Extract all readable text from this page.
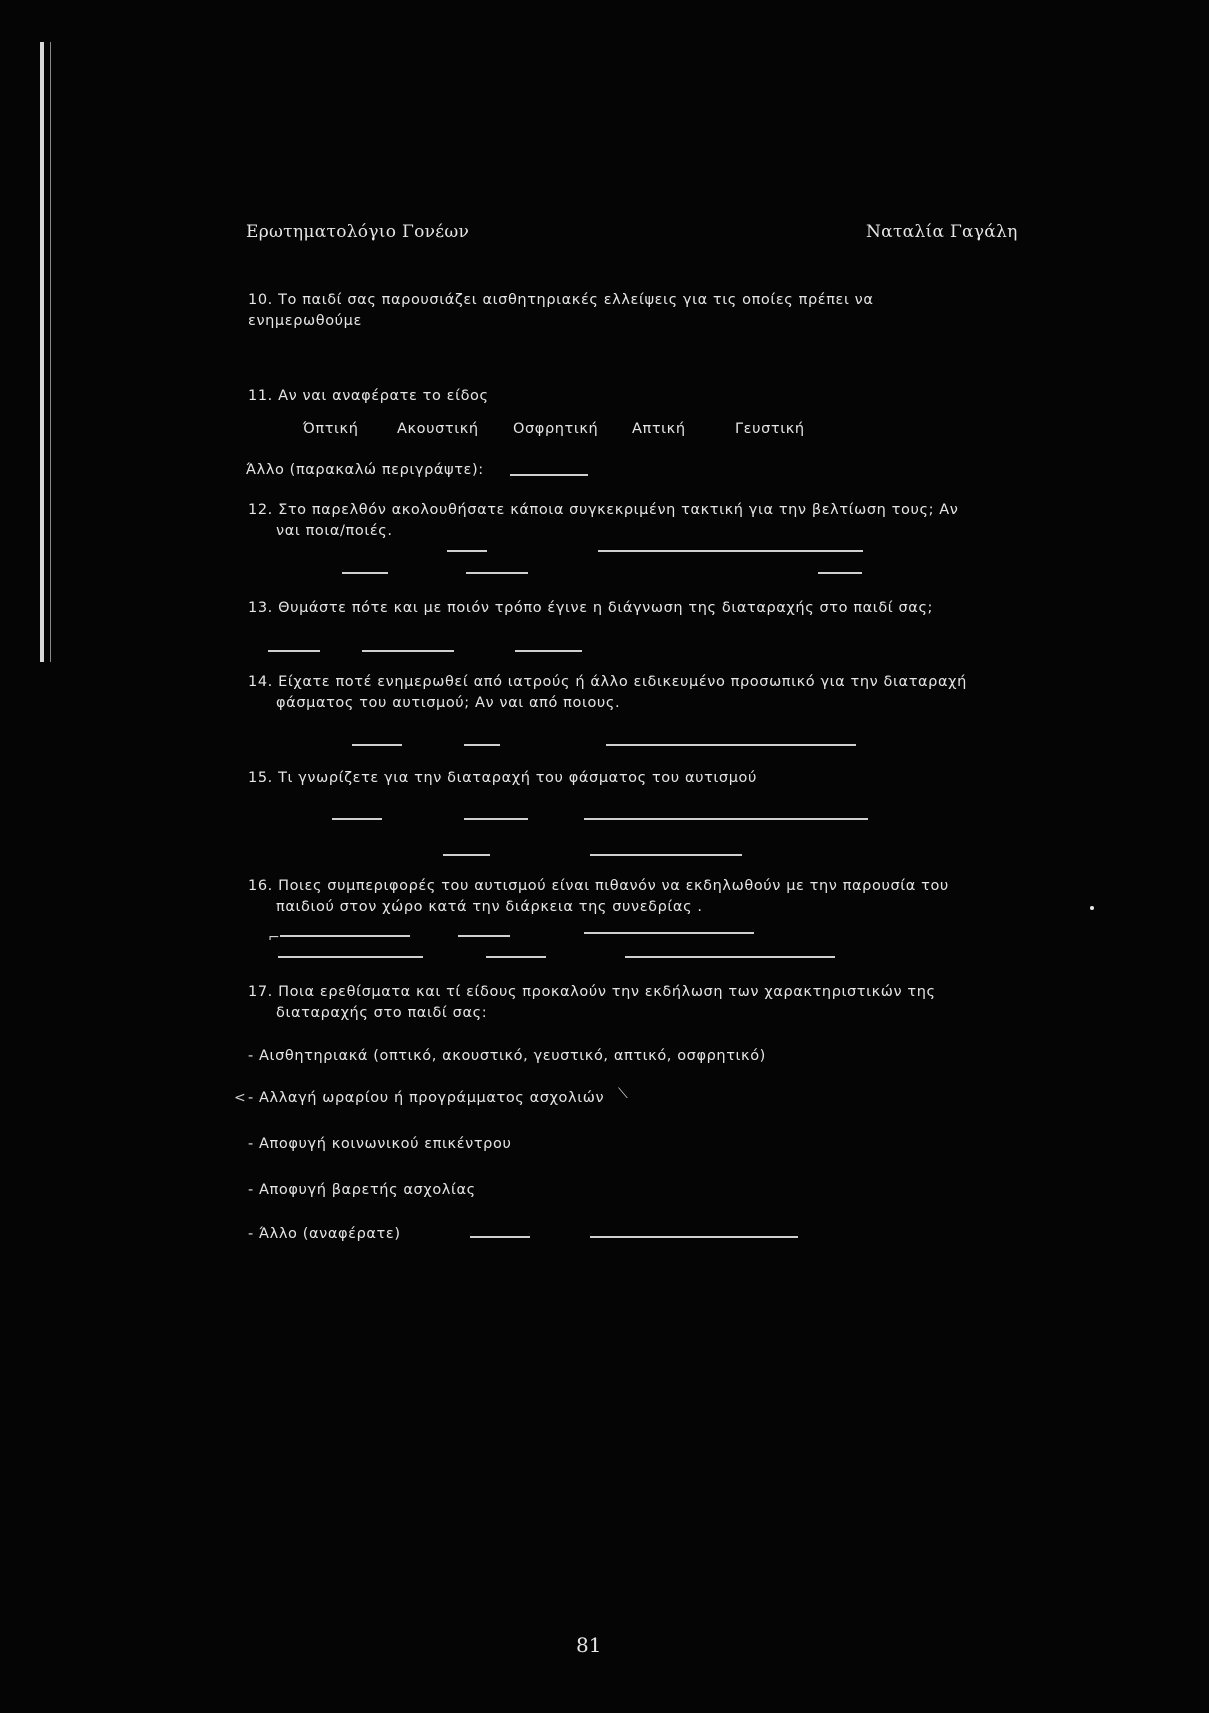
Ερωτηματολόγιο Γονέων	Ναταλία Γαγάλη
10. Το παιδί σας παρουσιάζει αισθητηριακές ελλείψεις για τις οποίες πρέπει να
ενημερωθούμε
11. Αν ναι αναφέρατε το είδος
Όπτική	Ακουστική Οσφρητική Απτική	Γευστική
Άλλο (παρακαλώ περιγράψτε):
12. Στο παρελθόν ακολουθήσατε κάποια συγκεκριμένη τακτική για την βελτίωση τους; Αν
ναι ποια/ποιές.
13. Θυμάστε πότε και με ποιόν τρόπο έγινε η διάγνωση της διαταραχής στο παιδί σας;
14. Είχατε ποτέ ενημερωθεί από ιατρούς ή άλλο ειδικευμένο προσωπικό για την διαταραχή
φάσματος του αυτισμού; Αν ναι από ποιους.
15. Τι γνωρίζετε για την διαταραχή του φάσματος του αυτισμού
16. Ποιες συμπεριφορές του αυτισμού είναι πιθανόν να εκδηλωθούν με την παρουσία του
παιδιού στον χώρο κατά την διάρκεια της συνεδρίας .
⌐
17. Ποια ερεθίσματα και τί είδους προκαλούν την εκδήλωση των χαρακτηριστικών της
διαταραχής στο παιδί σας:
- Αισθητηριακά (οπτικό, ακουστικό, γευστικό, απτικό, οσφρητικό)
< - Αλλαγή ωραρίου ή προγράμματος ασχολιών ⟍
- Αποφυγή κοινωνικού επικέντρου
- Αποφυγή βαρετής ασχολίας
- Άλλο (αναφέρατε)
81
